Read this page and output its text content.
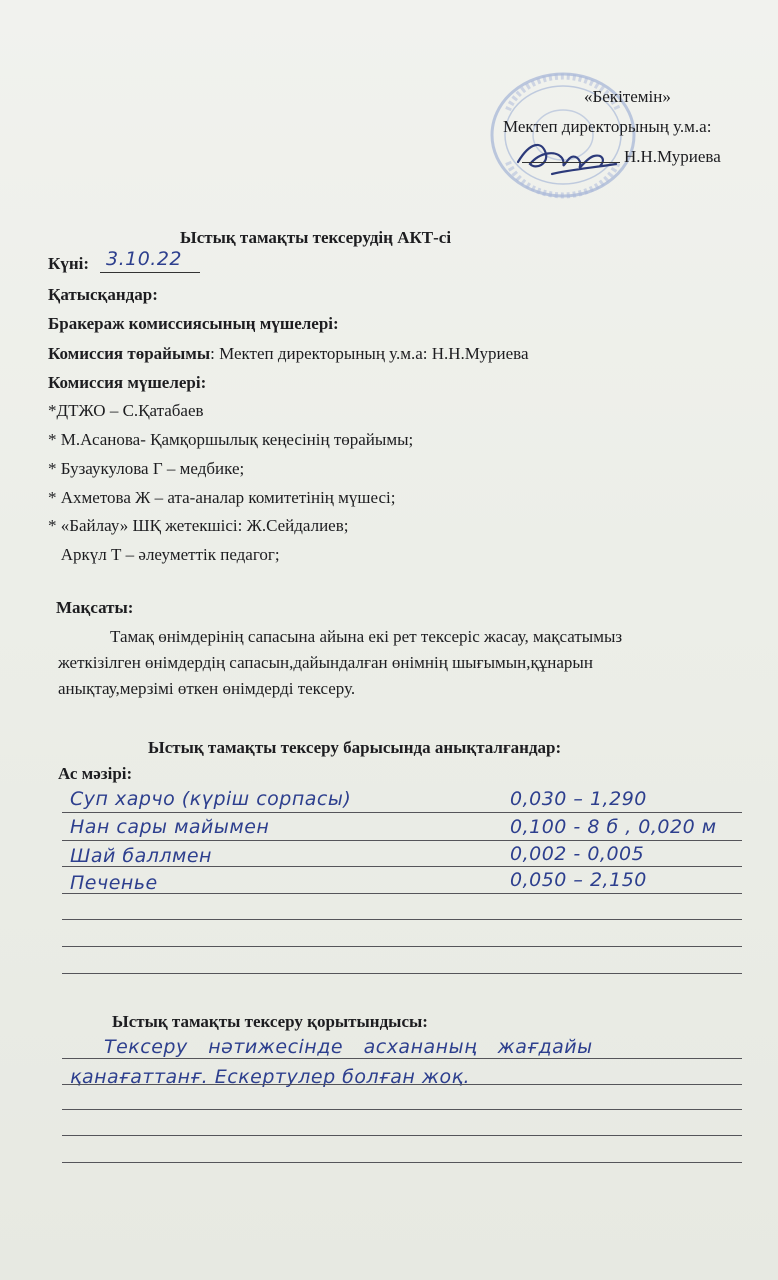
«Бекітемін»
Мектеп директорының у.м.а:
Н.Н.Муриева
Ыстық тамақты тексерудің АКТ-сі
Күні: 3.10.22
Қатысқандар:
Бракераж комиссиясының мүшелері:
Комиссия төрайымы: Мектеп директорының у.м.а: Н.Н.Муриева
Комиссия мүшелері:
*ДТЖО – С.Қатабаев
* М.Асанова- Қамқоршылық кеңесінің төрайымы;
* Бузаукулова Г – медбике;
* Ахметова Ж – ата-аналар комитетінің мүшесі;
* «Байлау» ШҚ жетекшісі: Ж.Сейдалиев;
Аркүл Т – әлеуметтік педагог;
Мақсаты:
Тамақ өнімдерінің сапасына айына екі рет тексеріс жасау, мақсатымыз
жеткізілген өнімдердің сапасын,дайындалған өнімнің шығымын,құнарын
анықтау,мерзімі өткен өнімдерді тексеру.
Ыстық тамақты тексеру барысында анықталғандар:
Ас мәзірі:
Суп харчо (күріш сорпасы)	0,030 – 1,290
Нан сары майымен	0,100 - 8 б , 0,020 м
Шай баллмен	0,002 - 0,005
Печенье	0,050 – 2,150
Ыстық тамақты тексеру қорытындысы:
Тексеру нәтижесінде асхананың жағдайы
қанағаттанғ. Ескертулер болған жоқ.
